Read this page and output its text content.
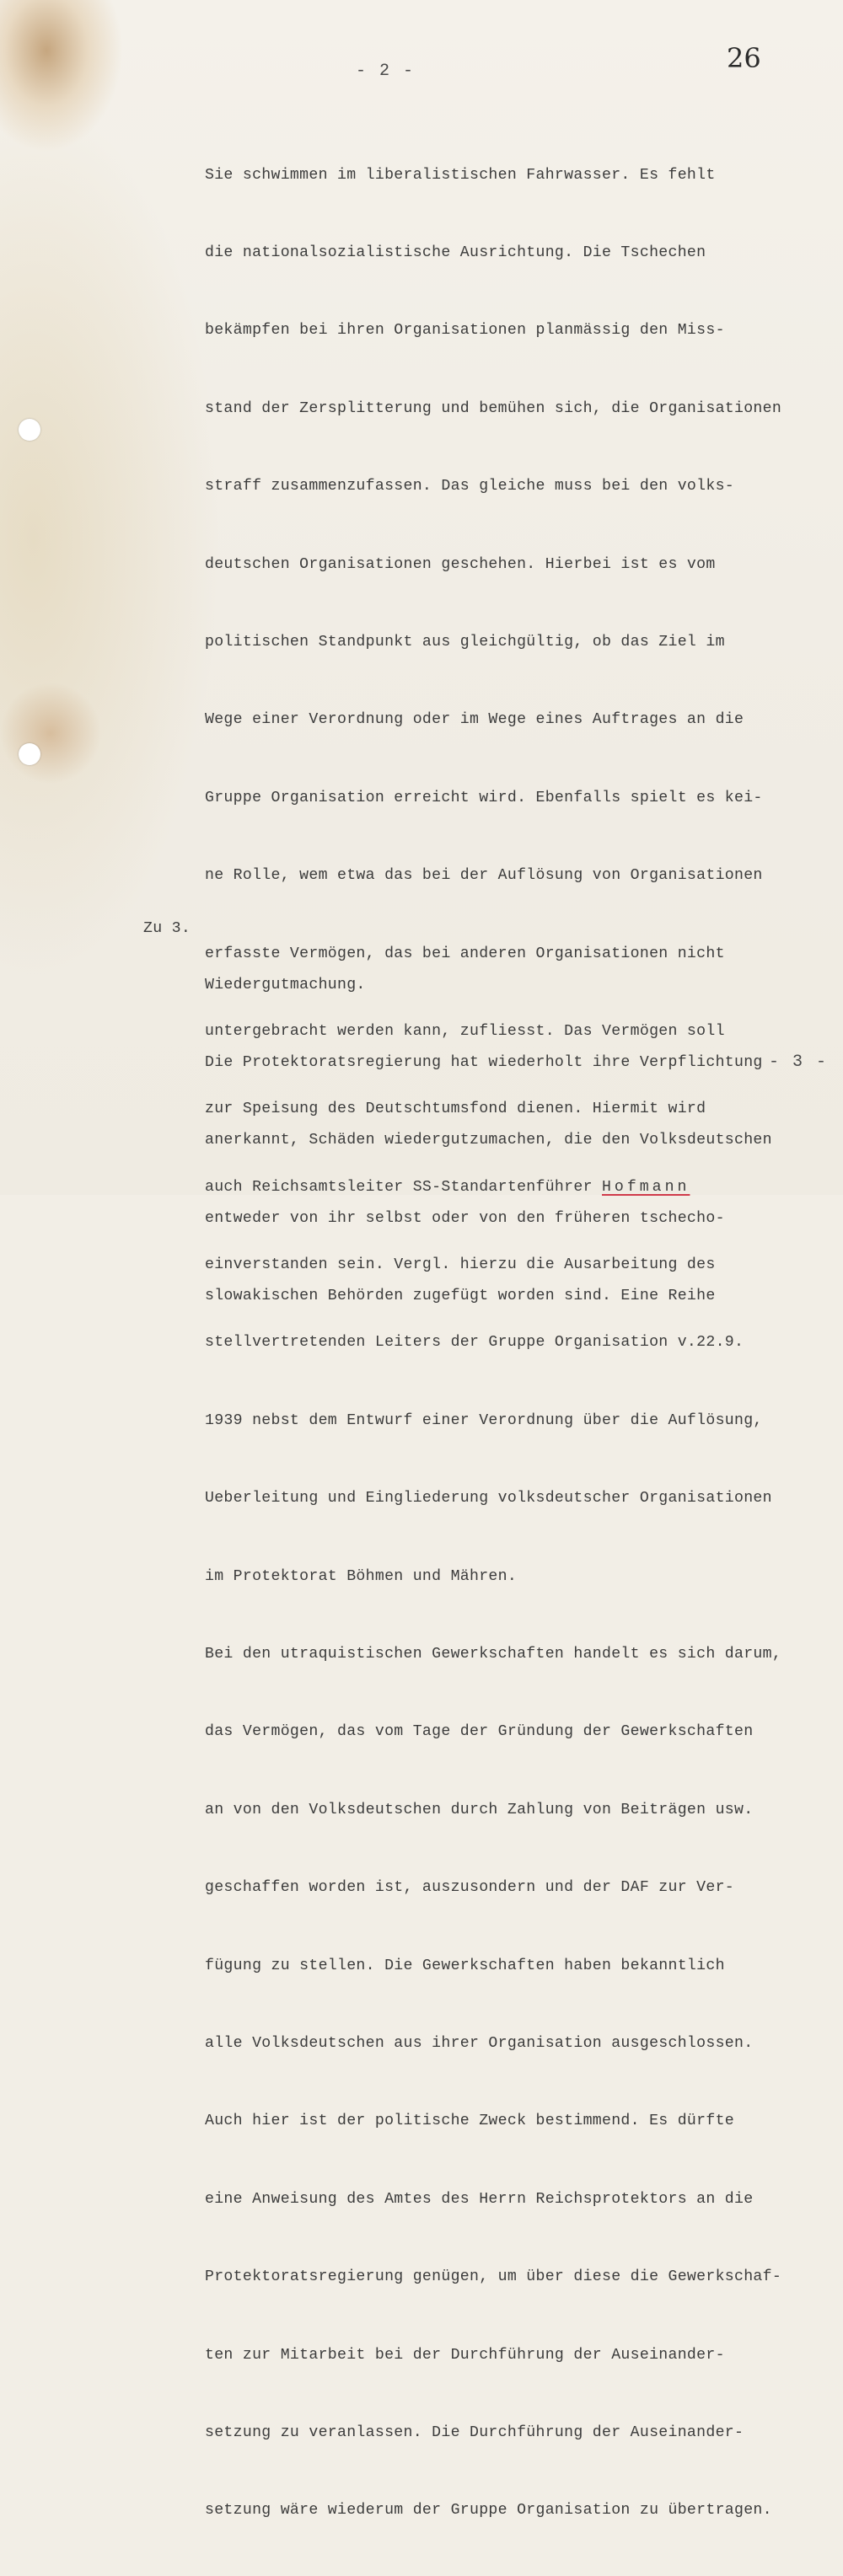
- 2 -	26

Sie schwimmen im liberalistischen Fahrwasser. Es fehlt

die nationalsozialistische Ausrichtung. Die Tschechen

bekämpfen bei ihren Organisationen planmässig den Miss-

stand der Zersplitterung und bemühen sich, die Organisationen

straff zusammenzufassen. Das gleiche muss bei den volks-

deutschen Organisationen geschehen. Hierbei ist es vom

politischen Standpunkt aus gleichgültig, ob das Ziel im

Wege einer Verordnung oder im Wege eines Auftrages an die

Gruppe Organisation erreicht wird. Ebenfalls spielt es kei-

ne Rolle, wem etwa das bei der Auflösung von Organisationen

erfasste Vermögen, das bei anderen Organisationen nicht

untergebracht werden kann, zufliesst. Das Vermögen soll

zur Speisung des Deutschtumsfond dienen. Hiermit wird

auch Reichsamtsleiter SS-Standartenführer Hofmann

einverstanden sein. Vergl. hierzu die Ausarbeitung des

stellvertretenden Leiters der Gruppe Organisation v.22.9.

1939 nebst dem Entwurf einer Verordnung über die Auflösung,

Ueberleitung und Eingliederung volksdeutscher Organisationen

im Protektorat Böhmen und Mähren.

Bei den utraquistischen Gewerkschaften handelt es sich darum,

das Vermögen, das vom Tage der Gründung der Gewerkschaften

an von den Volksdeutschen durch Zahlung von Beiträgen usw.

geschaffen worden ist, auszusondern und der DAF zur Ver-

fügung zu stellen. Die Gewerkschaften haben bekanntlich

alle Volksdeutschen aus ihrer Organisation ausgeschlossen.

Auch hier ist der politische Zweck bestimmend. Es dürfte

eine Anweisung des Amtes des Herrn Reichsprotektors an die

Protektoratsregierung genügen, um über diese die Gewerkschaf-

ten zur Mitarbeit bei der Durchführung der Auseinander-

setzung zu veranlassen. Die Durchführung der Auseinander-

setzung wäre wiederum der Gruppe Organisation zu übertragen.

Zu 3.

Wiedergutmachung.

Die Protektoratsregierung hat wiederholt ihre Verpflichtung

anerkannt, Schäden wiedergutzumachen, die den Volksdeutschen

entweder von ihr selbst oder von den früheren tschecho-

slowakischen Behörden zugefügt worden sind. Eine Reihe

- 3 -
